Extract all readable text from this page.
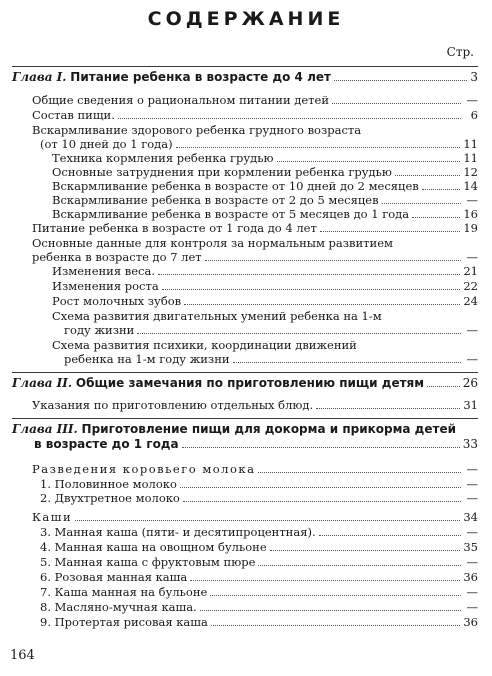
СОДЕРЖАНИЕ
Стр.
Глава I.
Питание ребенка в возрасте до 4 лет	3
Общие сведения о рациональном питании детей	—
Состав пищи.	6
Вскармливание здорового ребенка грудного возраста
(от 10 дней до 1 года)	11
Техника кормления ребенка грудью	11
Основные затруднения при кормлении ребенка грудью	12
Вскармливание ребенка в возрасте от 10 дней до 2 месяцев	14
Вскармливание ребенка в возрасте от 2 до 5 месяцев	—
Вскармливание ребенка в возрасте от 5 месяцев до 1 года	16
Питание ребенка в возрасте от 1 года до 4 лет	19
Основные данные для контроля за нормальным развитием
ребенка в возрасте до 7 лет	—
Изменения веса.	21
Изменения роста	22
Рост молочных зубов	24
Схема развития двигательных умений ребенка на 1-м
году жизни	—
Схема развития психики, координации движений
ребенка на 1-м году жизни	—
Глава II.
Общие замечания по приготовлению пищи детям	26
Указания по приготовлению отдельных блюд.	31
Глава III.
Приготовление пищи для докорма и прикорма детей
в возрасте до 1 года	33
Разведения коровьего молока	—
1. Половинное молоко	—
2. Двухтретное молоко	—
Каши	34
3. Манная каша (пяти- и десятипроцентная).	—
4. Манная каша на овощном бульоне	35
5. Манная каша с фруктовым пюре	—
6. Розовая манная каша	36
7. Каша манная на бульоне	—
8. Масляно-мучная каша.	—
9. Протертая рисовая каша	36
164
